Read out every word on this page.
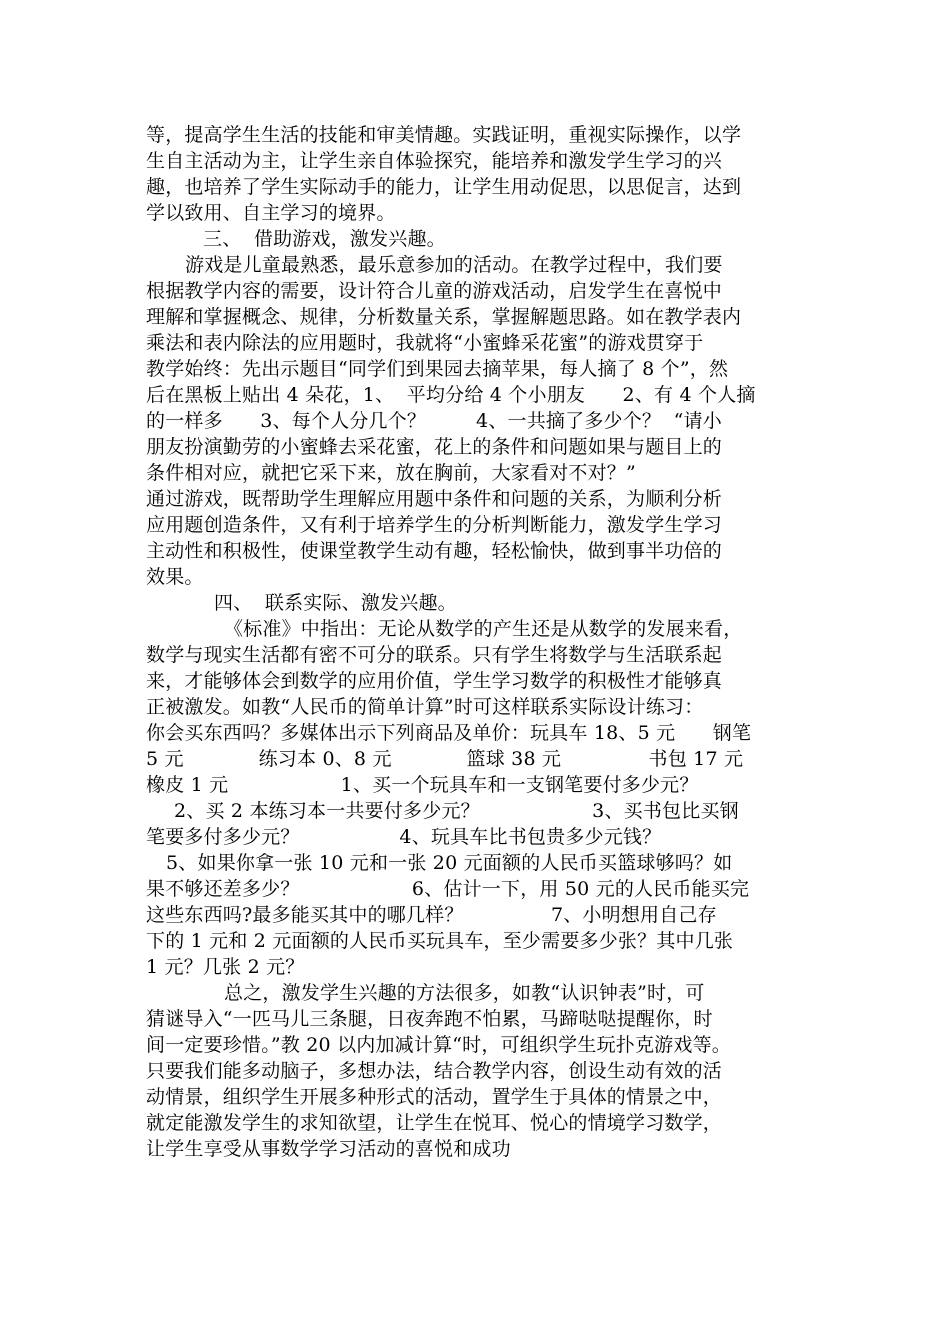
等，提高学生生活的技能和审美情趣。实践证明，重视实际操作，以学
生自主活动为主，让学生亲自体验探究，能培养和激发学生学习的兴
趣，也培养了学生实际动手的能力，让学生用动促思，以思促言，达到
学以致用、自主学习的境界。
三、  借助游戏，激发兴趣。
游戏是儿童最熟悉，最乐意参加的活动。在教学过程中，我们要
根据教学内容的需要，设计符合儿童的游戏活动，启发学生在喜悦中
理解和掌握概念、规律，分析数量关系，掌握解题思路。如在教学表内
乘法和表内除法的应用题时，我就将“小蜜蜂采花蜜”的游戏贯穿于
教学始终：先出示题目“同学们到果园去摘苹果，每人摘了 8 个”，然
后在黑板上贴出 4 朵花，1、  平均分给 4 个小朋友      2、有 4 个人摘
的一样多      3、每个人分几个？        4、一共摘了多少个？  “请小
朋友扮演勤劳的小蜜蜂去采花蜜，花上的条件和问题如果与题目上的
条件相对应，就把它采下来，放在胸前，大家看对不对？”
通过游戏，既帮助学生理解应用题中条件和问题的关系，为顺利分析
应用题创造条件，又有利于培养学生的分析判断能力，激发学生学习
主动性和积极性，使课堂教学生动有趣，轻松愉快，做到事半功倍的
效果。
四、  联系实际、激发兴趣。
《标准》中指出：无论从数学的产生还是从数学的发展来看，
数学与现实生活都有密不可分的联系。只有学生将数学与生活联系起
来，才能够体会到数学的应用价值，学生学习数学的积极性才能够真
正被激发。如教“人民币的简单计算”时可这样联系实际设计练习：
你会买东西吗？多媒体出示下列商品及单价：玩具车 18、5 元      钢笔
5 元            练习本 0、8 元            篮球 38 元              书包 17 元
橡皮 1 元                  1、买一个玩具车和一支钢笔要付多少元？
2、买 2 本练习本一共要付多少元？                  3、买书包比买钢
笔要多付多少元？                4、玩具车比书包贵多少元钱？
5、如果你拿一张 10 元和一张 20 元面额的人民币买篮球够吗？如
果不够还差多少？                  6、估计一下，用 50 元的人民币能买完
这些东西吗?最多能买其中的哪几样？              7、小明想用自己存
下的 1 元和 2 元面额的人民币买玩具车，至少需要多少张？其中几张
1 元？几张 2 元？
总之，激发学生兴趣的方法很多，如教“认识钟表”时，可
猜谜导入“一匹马儿三条腿，日夜奔跑不怕累，马蹄哒哒提醒你，时
间一定要珍惜。”教 20 以内加减计算“时，可组织学生玩扑克游戏等。
只要我们能多动脑子，多想办法，结合教学内容，创设生动有效的活
动情景，组织学生开展多种形式的活动，置学生于具体的情景之中，
就定能激发学生的求知欲望，让学生在悦耳、悦心的情境学习数学，
让学生享受从事数学学习活动的喜悦和成功
